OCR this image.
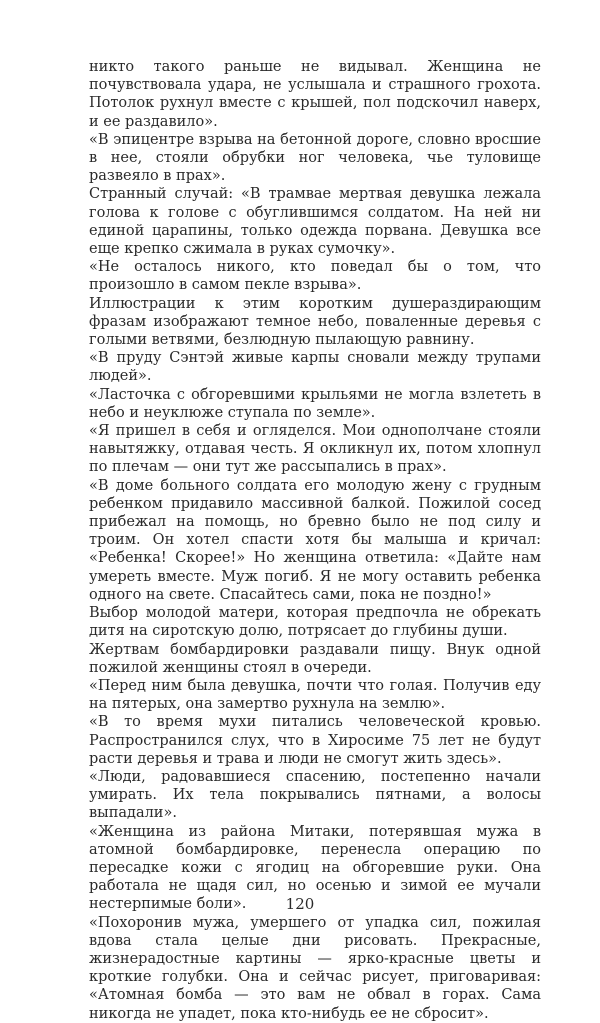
никто такого раньше не видывал. Женщина не почувствовала удара, не услышала и страшного грохота. Потолок рухнул вместе с крышей, пол подскочил наверх, и ее раздавило».

«В эпицентре взрыва на бетонной дороге, словно вросшие в нее, стояли обрубки ног человека, чье туловище развеяло в прах».

Странный случай: «В трамвае мертвая девушка лежала голова к голове с обуглившимся солдатом. На ней ни единой царапины, только одежда порвана. Девушка все еще крепко сжимала в руках сумочку».

«Не осталось никого, кто поведал бы о том, что произошло в самом пекле взрыва».

Иллюстрации к этим коротким душераздирающим фразам изображают темное небо, поваленные деревья с голыми ветвями, безлюдную пылающую равнину.

«В пруду Сэнтэй живые карпы сновали между трупами людей».

«Ласточка с обгоревшими крыльями не могла взлететь в небо и неуклюже ступала по земле».

«Я пришел в себя и огляделся. Мои однополчане стояли навытяжку, отдавая честь. Я окликнул их, потом хлопнул по плечам — они тут же рассыпались в прах».

«В доме больного солдата его молодую жену с грудным ребенком придавило массивной балкой. Пожилой сосед прибежал на помощь, но бревно было не под силу и троим. Он хотел спасти хотя бы малыша и кричал: «Ребенка! Скорее!» Но женщина ответила: «Дайте нам умереть вместе. Муж погиб. Я не могу оставить ребенка одного на свете. Спасайтесь сами, пока не поздно!»

Выбор молодой матери, которая предпочла не обрекать дитя на сиротскую долю, потрясает до глубины души.

Жертвам бомбардировки раздавали пищу. Внук одной пожилой женщины стоял в очереди.

«Перед ним была девушка, почти что голая. Получив еду на пятерых, она замертво рухнула на землю».

«В то время мухи питались человеческой кровью. Распространился слух, что в Хиросиме 75 лет не будут расти деревья и трава и люди не смогут жить здесь».

«Люди, радовавшиеся спасению, постепенно начали умирать. Их тела покрывались пятнами, а волосы выпадали».

«Женщина из района Митаки, потерявшая мужа в атомной бомбардировке, перенесла операцию по пересадке кожи с ягодиц на обгоревшие руки. Она работала не щадя сил, но осенью и зимой ее мучали нестерпимые боли».

«Похоронив мужа, умершего от упадка сил, пожилая вдова стала целые дни рисовать. Прекрасные, жизнерадостные картины — ярко-красные цветы и кроткие голубки. Она и сейчас рисует, приговаривая: «Атомная бомба — это вам не обвал в горах. Сама никогда не упадет, пока кто-нибудь ее не сбросит».

120
